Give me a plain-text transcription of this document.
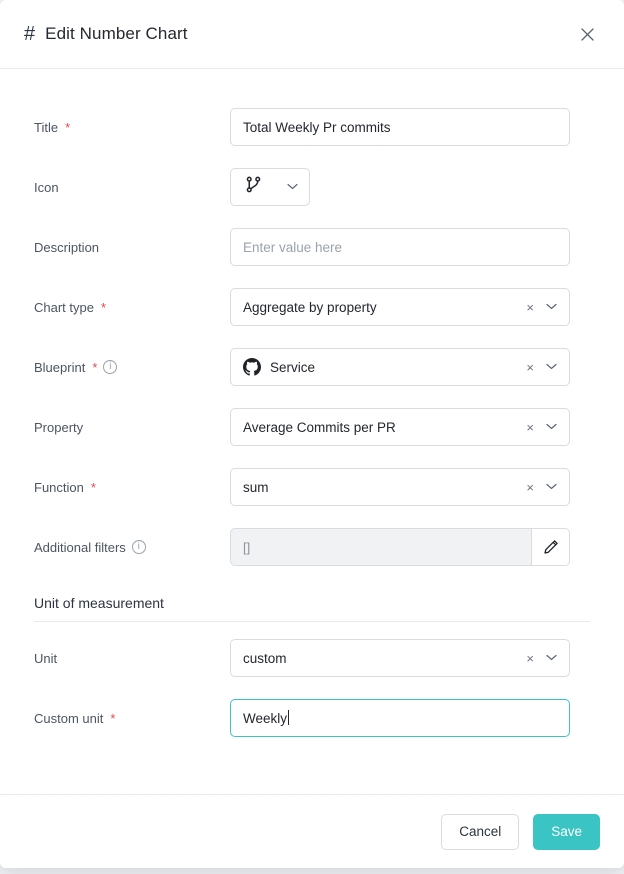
# Edit Number Chart
Title *	Total Weekly Pr commits
Icon
Description	Enter value here
Chart type *	Aggregate by property	×
Blueprint *	i	Service	×
Property	Average Commits per PR	×
Function *	sum	×
Additional filters	i	[]
Unit of measurement
Unit	custom	×
Custom unit *	Weekly
Cancel	Save
